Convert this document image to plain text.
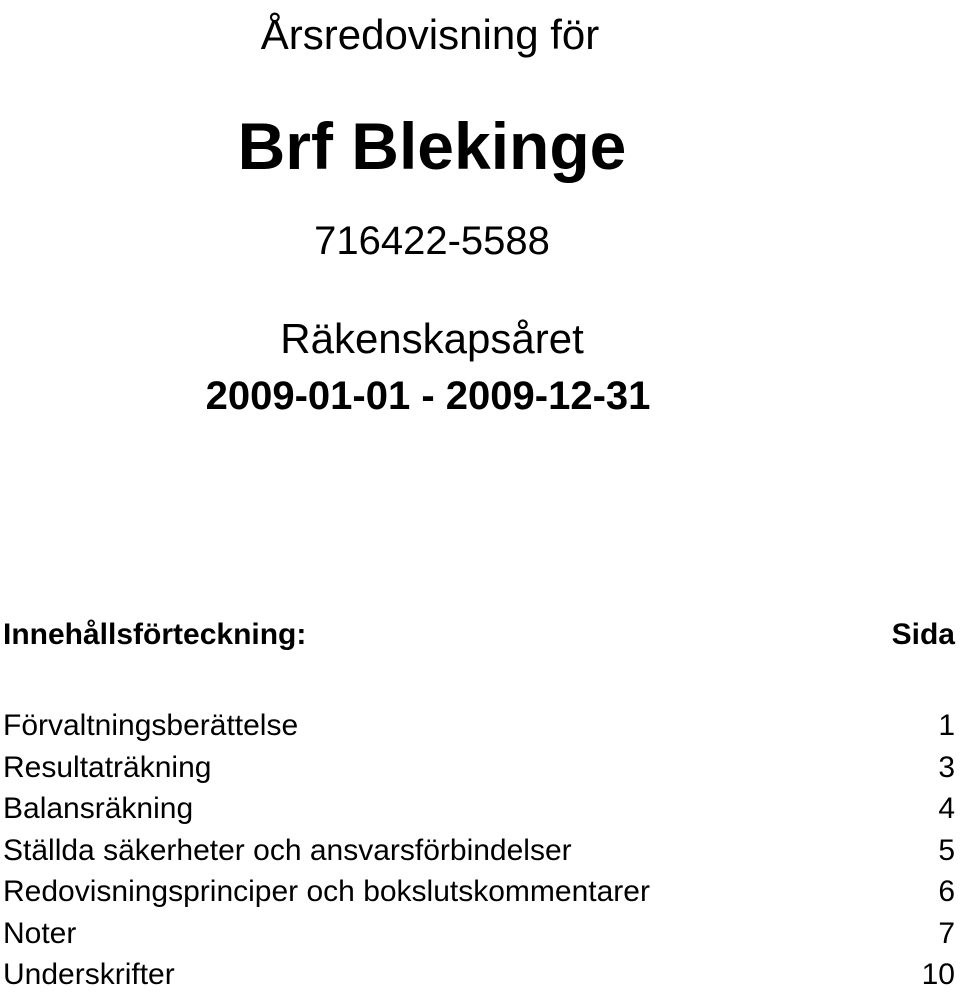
Årsredovisning för
Brf Blekinge
716422-5588
Räkenskapsåret
2009-01-01 - 2009-12-31
Innehållsförteckning:	Sida
Förvaltningsberättelse	1
Resultaträkning	3
Balansräkning	4
Ställda säkerheter och ansvarsförbindelser	5
Redovisningsprinciper och bokslutskommentarer	6
Noter	7
Underskrifter	10
